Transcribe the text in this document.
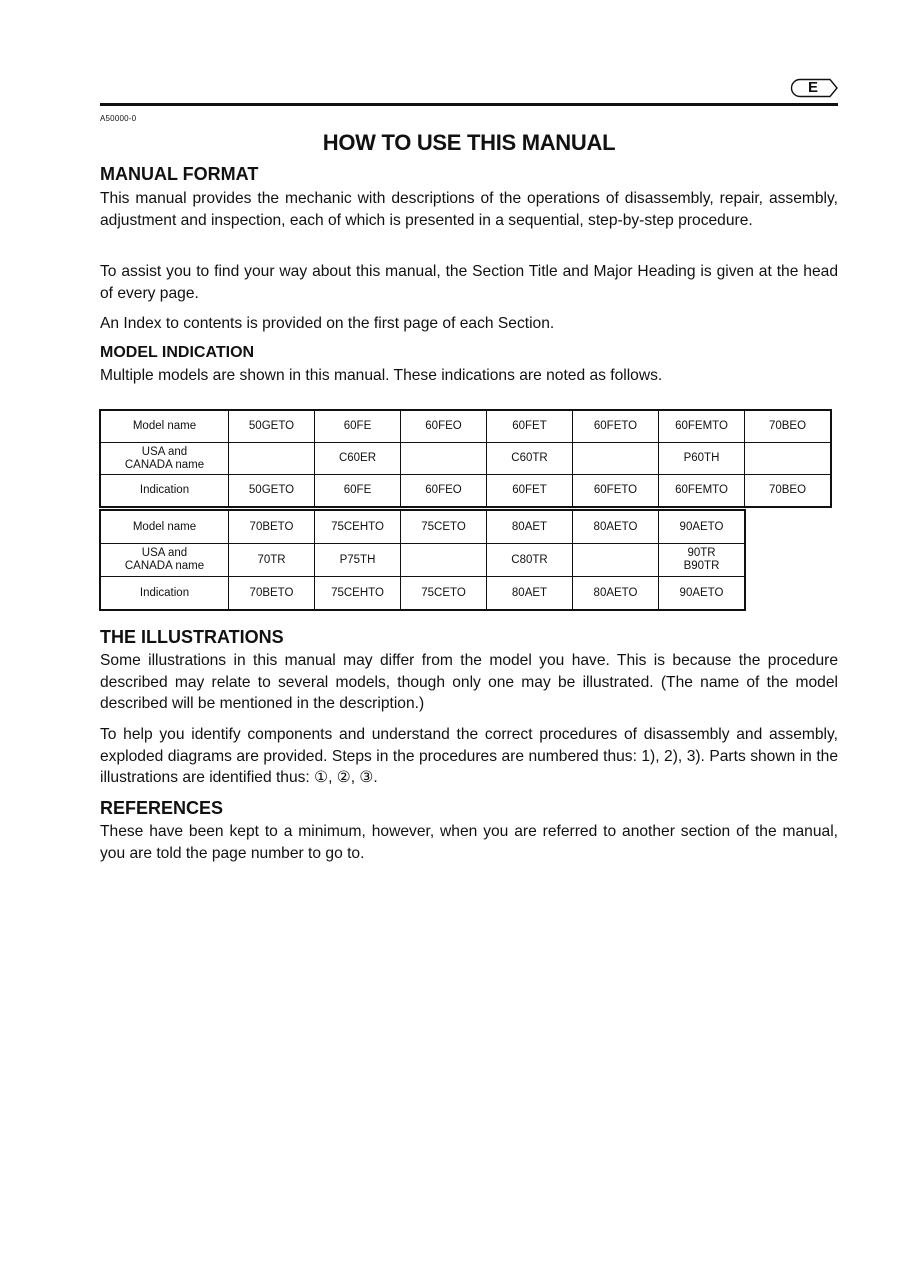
E
A50000-0
HOW TO USE THIS MANUAL
MANUAL FORMAT

This manual provides the mechanic with descriptions of the operations of disassembly, repair, assembly, adjustment and inspection, each of which is presented in a sequential, step-by-step procedure.

To assist you to find your way about this manual, the Section Title and Major Heading is given at the head of every page.

An Index to contents is provided on the first page of each Section.

MODEL INDICATION

Multiple models are shown in this manual. These indications are noted as follows.

Model name	50GETO	60FE	60FEO	60FET	60FETO	60FEMTO	70BEO

USA and CANADA name		C60ER		C60TR		P60TH	
Indication	50GETO	60FE	60FEO	60FET	60FETO	60FEMTO	70BEO
Model name	70BETO	75CEHTO	75CETO	80AET	80AETO	90AETO

USA and CANADA name	70TR	P75TH		C80TR		90TR B90TR

Indication	70BETO	75CEHTO	75CETO	80AET	80AETO	90AETO
THE ILLUSTRATIONS

Some illustrations in this manual may differ from the model you have. This is because the procedure described may relate to several models, though only one may be illustrated. (The name of the model described will be mentioned in the description.)

To help you identify components and understand the correct procedures of disassembly and assembly, exploded diagrams are provided. Steps in the procedures are numbered thus: 1), 2), 3). Parts shown in the illustrations are identified thus: ①, ②, ③.

REFERENCES

These have been kept to a minimum, however, when you are referred to another section of the manual, you are told the page number to go to.
